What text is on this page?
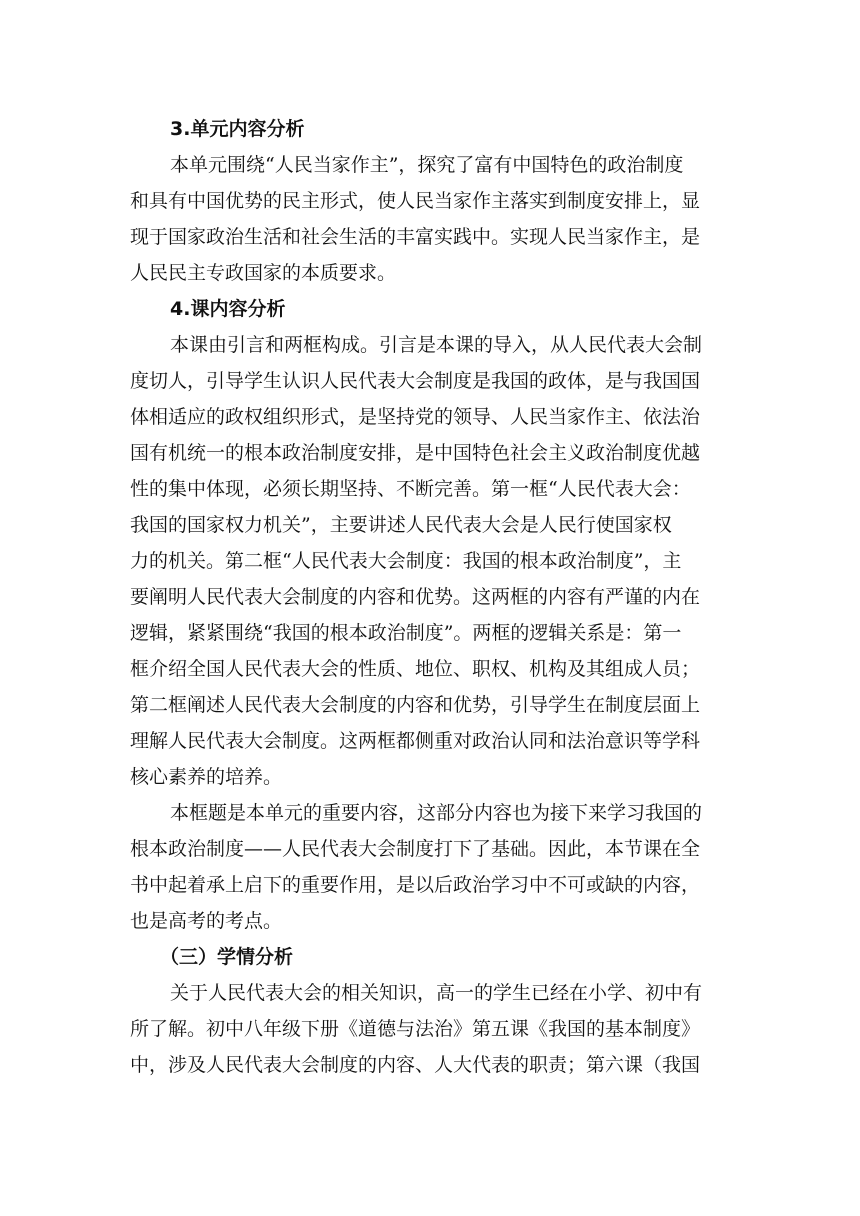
3.单元内容分析
本单元围绕“人民当家作主”，探究了富有中国特色的政治制度
和具有中国优势的民主形式，使人民当家作主落实到制度安排上，显
现于国家政治生活和社会生活的丰富实践中。实现人民当家作主，是
人民民主专政国家的本质要求。
4.课内容分析
本课由引言和两框构成。引言是本课的导入，从人民代表大会制
度切人，引导学生认识人民代表大会制度是我国的政体，是与我国国
体相适应的政权组织形式，是坚持党的领导、人民当家作主、依法治
国有机统一的根本政治制度安排，是中国特色社会主义政治制度优越
性的集中体现，必须长期坚持、不断完善。第一框“人民代表大会：
我国的国家权力机关”，主要讲述人民代表大会是人民行使国家权
力的机关。第二框“人民代表大会制度：我国的根本政治制度”，主
要阐明人民代表大会制度的内容和优势。这两框的内容有严谨的内在
逻辑，紧紧围绕“我国的根本政治制度”。两框的逻辑关系是：第一
框介绍全国人民代表大会的性质、地位、职权、机构及其组成人员；
第二框阐述人民代表大会制度的内容和优势，引导学生在制度层面上
理解人民代表大会制度。这两框都侧重对政治认同和法治意识等学科
核心素养的培养。
本框题是本单元的重要内容，这部分内容也为接下来学习我国的
根本政治制度——人民代表大会制度打下了基础。因此，本节课在全
书中起着承上启下的重要作用，是以后政治学习中不可或缺的内容，
也是高考的考点。
（三）学情分析
关于人民代表大会的相关知识，高一的学生已经在小学、初中有
所了解。初中八年级下册《道德与法治》第五课《我国的基本制度》
中，涉及人民代表大会制度的内容、人大代表的职责；第六课（我国
